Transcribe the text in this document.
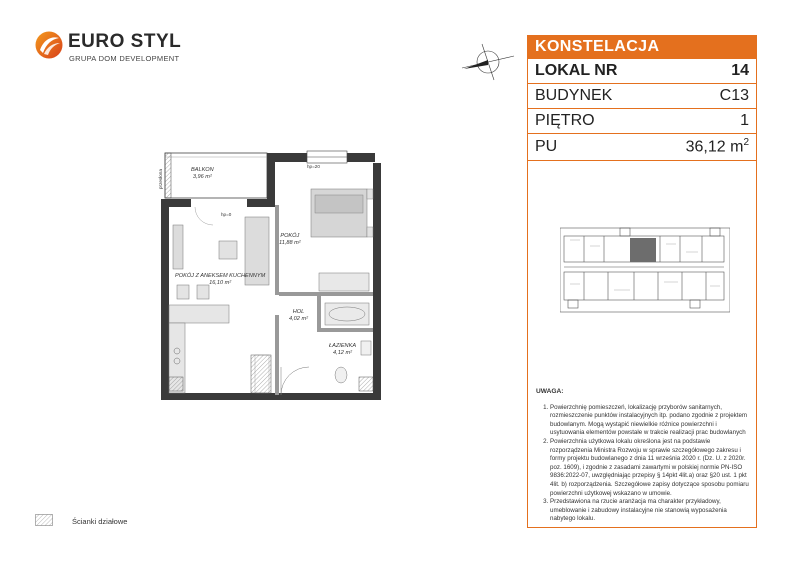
EURO STYL
GRUPA DOM DEVELOPMENT
BALKON
3,96 m²
POKÓJ
11,88 m²
POKÓJ Z ANEKSEM KUCHENNYM
16,10 m²
HOL
4,02 m²
ŁAZIENKA
4,12 m²
hp=20
hp=0
przesłona
KONSTELACJA
LOKAL NR	14
BUDYNEK	C13
PIĘTRO	1
PU	36,12 $m^2$
UWAGA:
1. Powierzchnię pomieszczeń, lokalizację przyborów sanitarnych, rozmieszczenie punktów instalacyjnych itp. podano zgodnie z projektem budowlanym. Mogą wystąpić niewielkie różnice powierzchni i usytuowania elementów powstałe w trakcie realizacji prac budowlanych
2. Powierzchnia użytkowa lokalu określona jest na podstawie rozporządzenia Ministra Rozwoju w sprawie szczegółowego zakresu i formy projektu budowlanego z dnia 11 września 2020 r. (Dz. U. z 2020r. poz. 1609), i zgodnie z zasadami zawartymi w polskiej normie PN-ISO 9836:2022-07, uwzględniając przepisy § 14pkt 4lit.a) oraz §20 ust. 1 pkt 4lit. b) rozporządzenia. Szczegółowe zapisy dotyczące sposobu pomiaru powierzchni użytkowej wskazano w umowie.
3. Przedstawiona na rzucie aranżacja ma charakter przykładowy, umeblowanie i zabudowy instalacyjne nie stanowią wyposażenia nabytego lokalu.
Ścianki działowe
